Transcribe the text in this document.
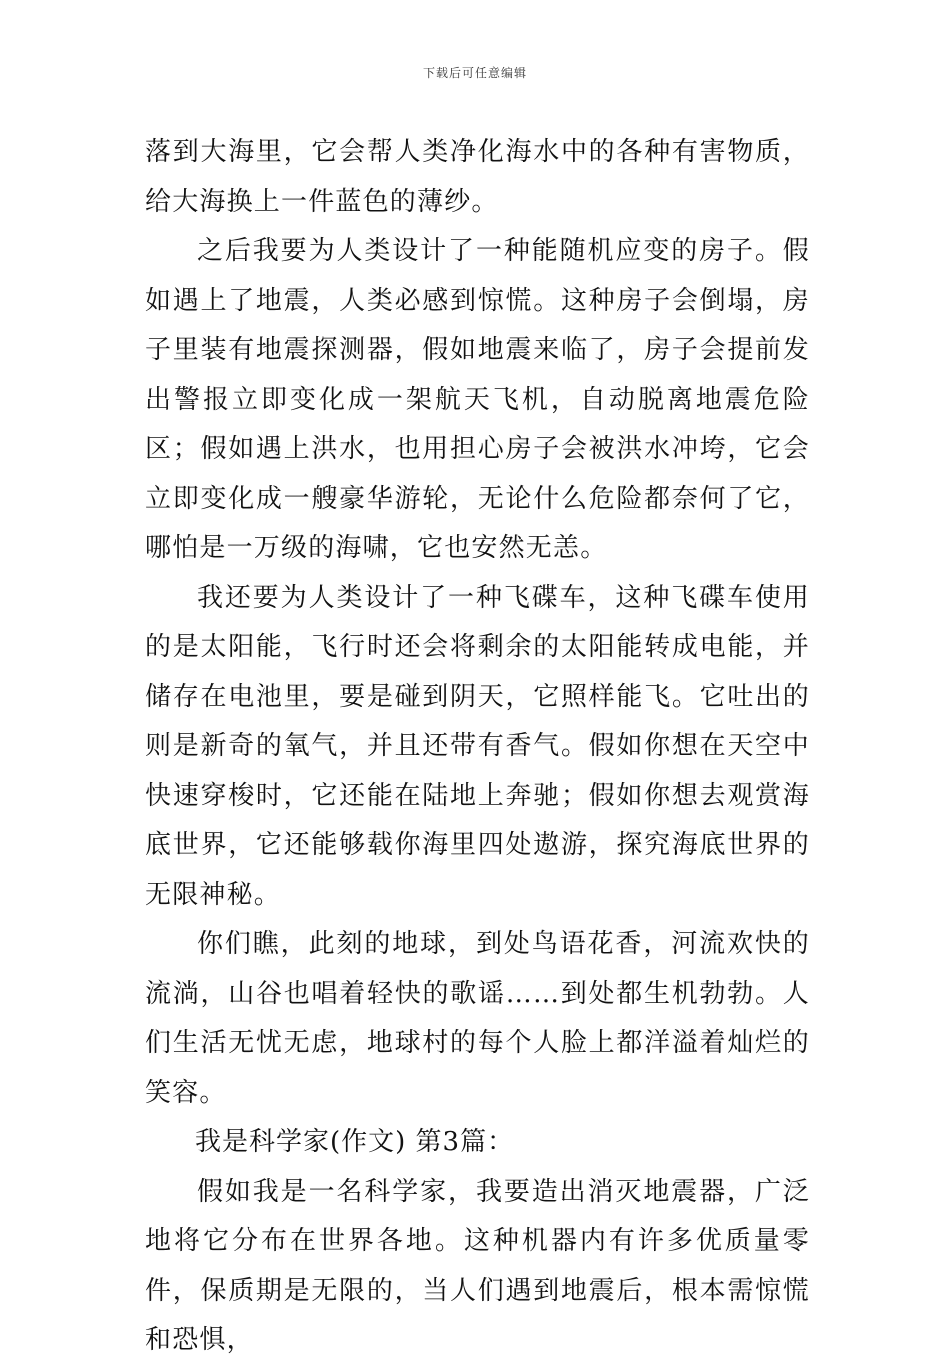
下载后可任意编辑

落到大海里，它会帮人类净化海水中的各种有害物质，给大海换上一件蓝色的薄纱。

之后我要为人类设计了一种能随机应变的房子。假如遇上了地震，人类必感到惊慌。这种房子会倒塌，房子里装有地震探测器，假如地震来临了，房子会提前发出警报立即变化成一架航天飞机，自动脱离地震危险区；假如遇上洪水，也用担心房子会被洪水冲垮，它会立即变化成一艘豪华游轮，无论什么危险都奈何了它，哪怕是一万级的海啸，它也安然无恙。

我还要为人类设计了一种飞碟车，这种飞碟车使用的是太阳能，飞行时还会将剩余的太阳能转成电能，并储存在电池里，要是碰到阴天，它照样能飞。它吐出的则是新奇的氧气，并且还带有香气。假如你想在天空中快速穿梭时，它还能在陆地上奔驰；假如你想去观赏海底世界，它还能够载你海里四处遨游，探究海底世界的无限神秘。

你们瞧，此刻的地球，到处鸟语花香，河流欢快的流淌，山谷也唱着轻快的歌谣……到处都生机勃勃。人们生活无忧无虑，地球村的每个人脸上都洋溢着灿烂的笑容。

我是科学家(作文) 第3篇：

假如我是一名科学家，我要造出消灭地震器，广泛地将它分布在世界各地。这种机器内有许多优质量零件，保质期是无限的，当人们遇到地震后，根本需惊慌和恐惧，
